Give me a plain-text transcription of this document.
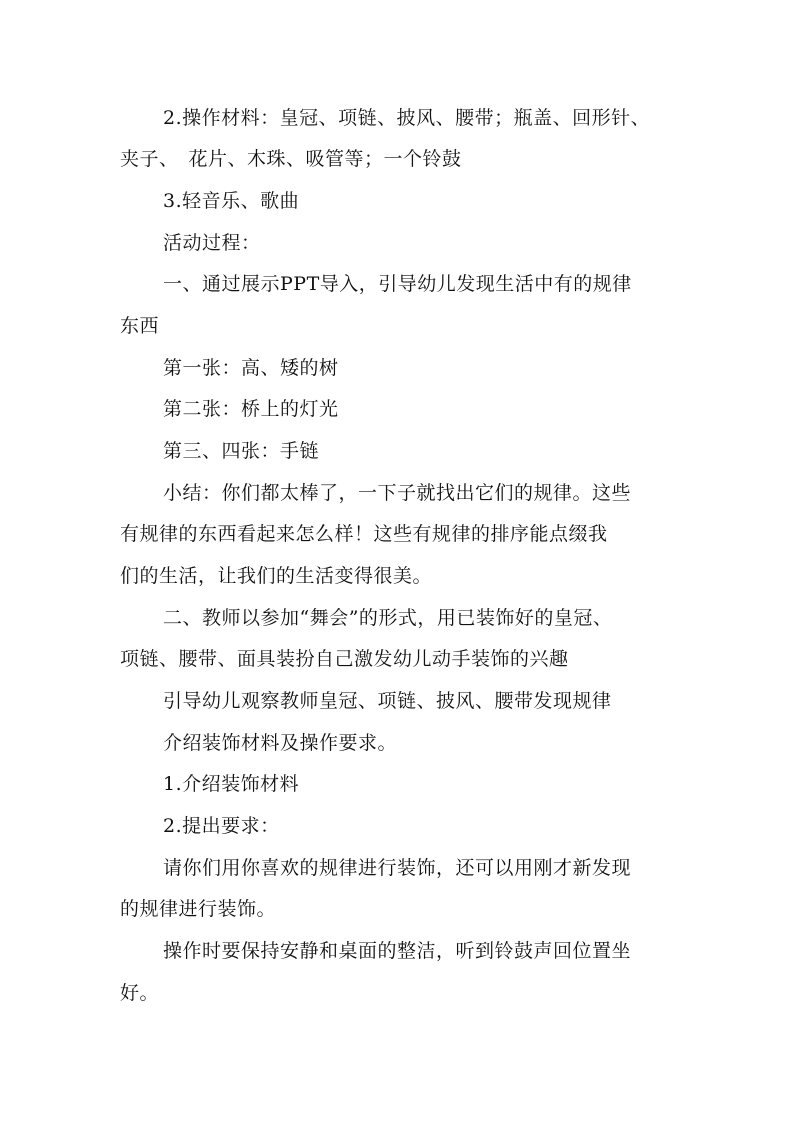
2.操作材料：皇冠、项链、披风、腰带；瓶盖、回形针、
夹子、　花片、木珠、吸管等；一个铃鼓
3.轻音乐、歌曲
活动过程：
一、通过展示PPT导入，引导幼儿发现生活中有的规律
东西
第一张：高、矮的树
第二张：桥上的灯光
第三、四张：手链
小结：你们都太棒了，一下子就找出它们的规律。这些
有规律的东西看起来怎么样！这些有规律的排序能点缀我
们的生活，让我们的生活变得很美。
二、教师以参加“舞会”的形式，用已装饰好的皇冠、
项链、腰带、面具装扮自己激发幼儿动手装饰的兴趣
引导幼儿观察教师皇冠、项链、披风、腰带发现规律
介绍装饰材料及操作要求。
1.介绍装饰材料
2.提出要求：
请你们用你喜欢的规律进行装饰，还可以用刚才新发现
的规律进行装饰。
操作时要保持安静和桌面的整洁，听到铃鼓声回位置坐
好。
